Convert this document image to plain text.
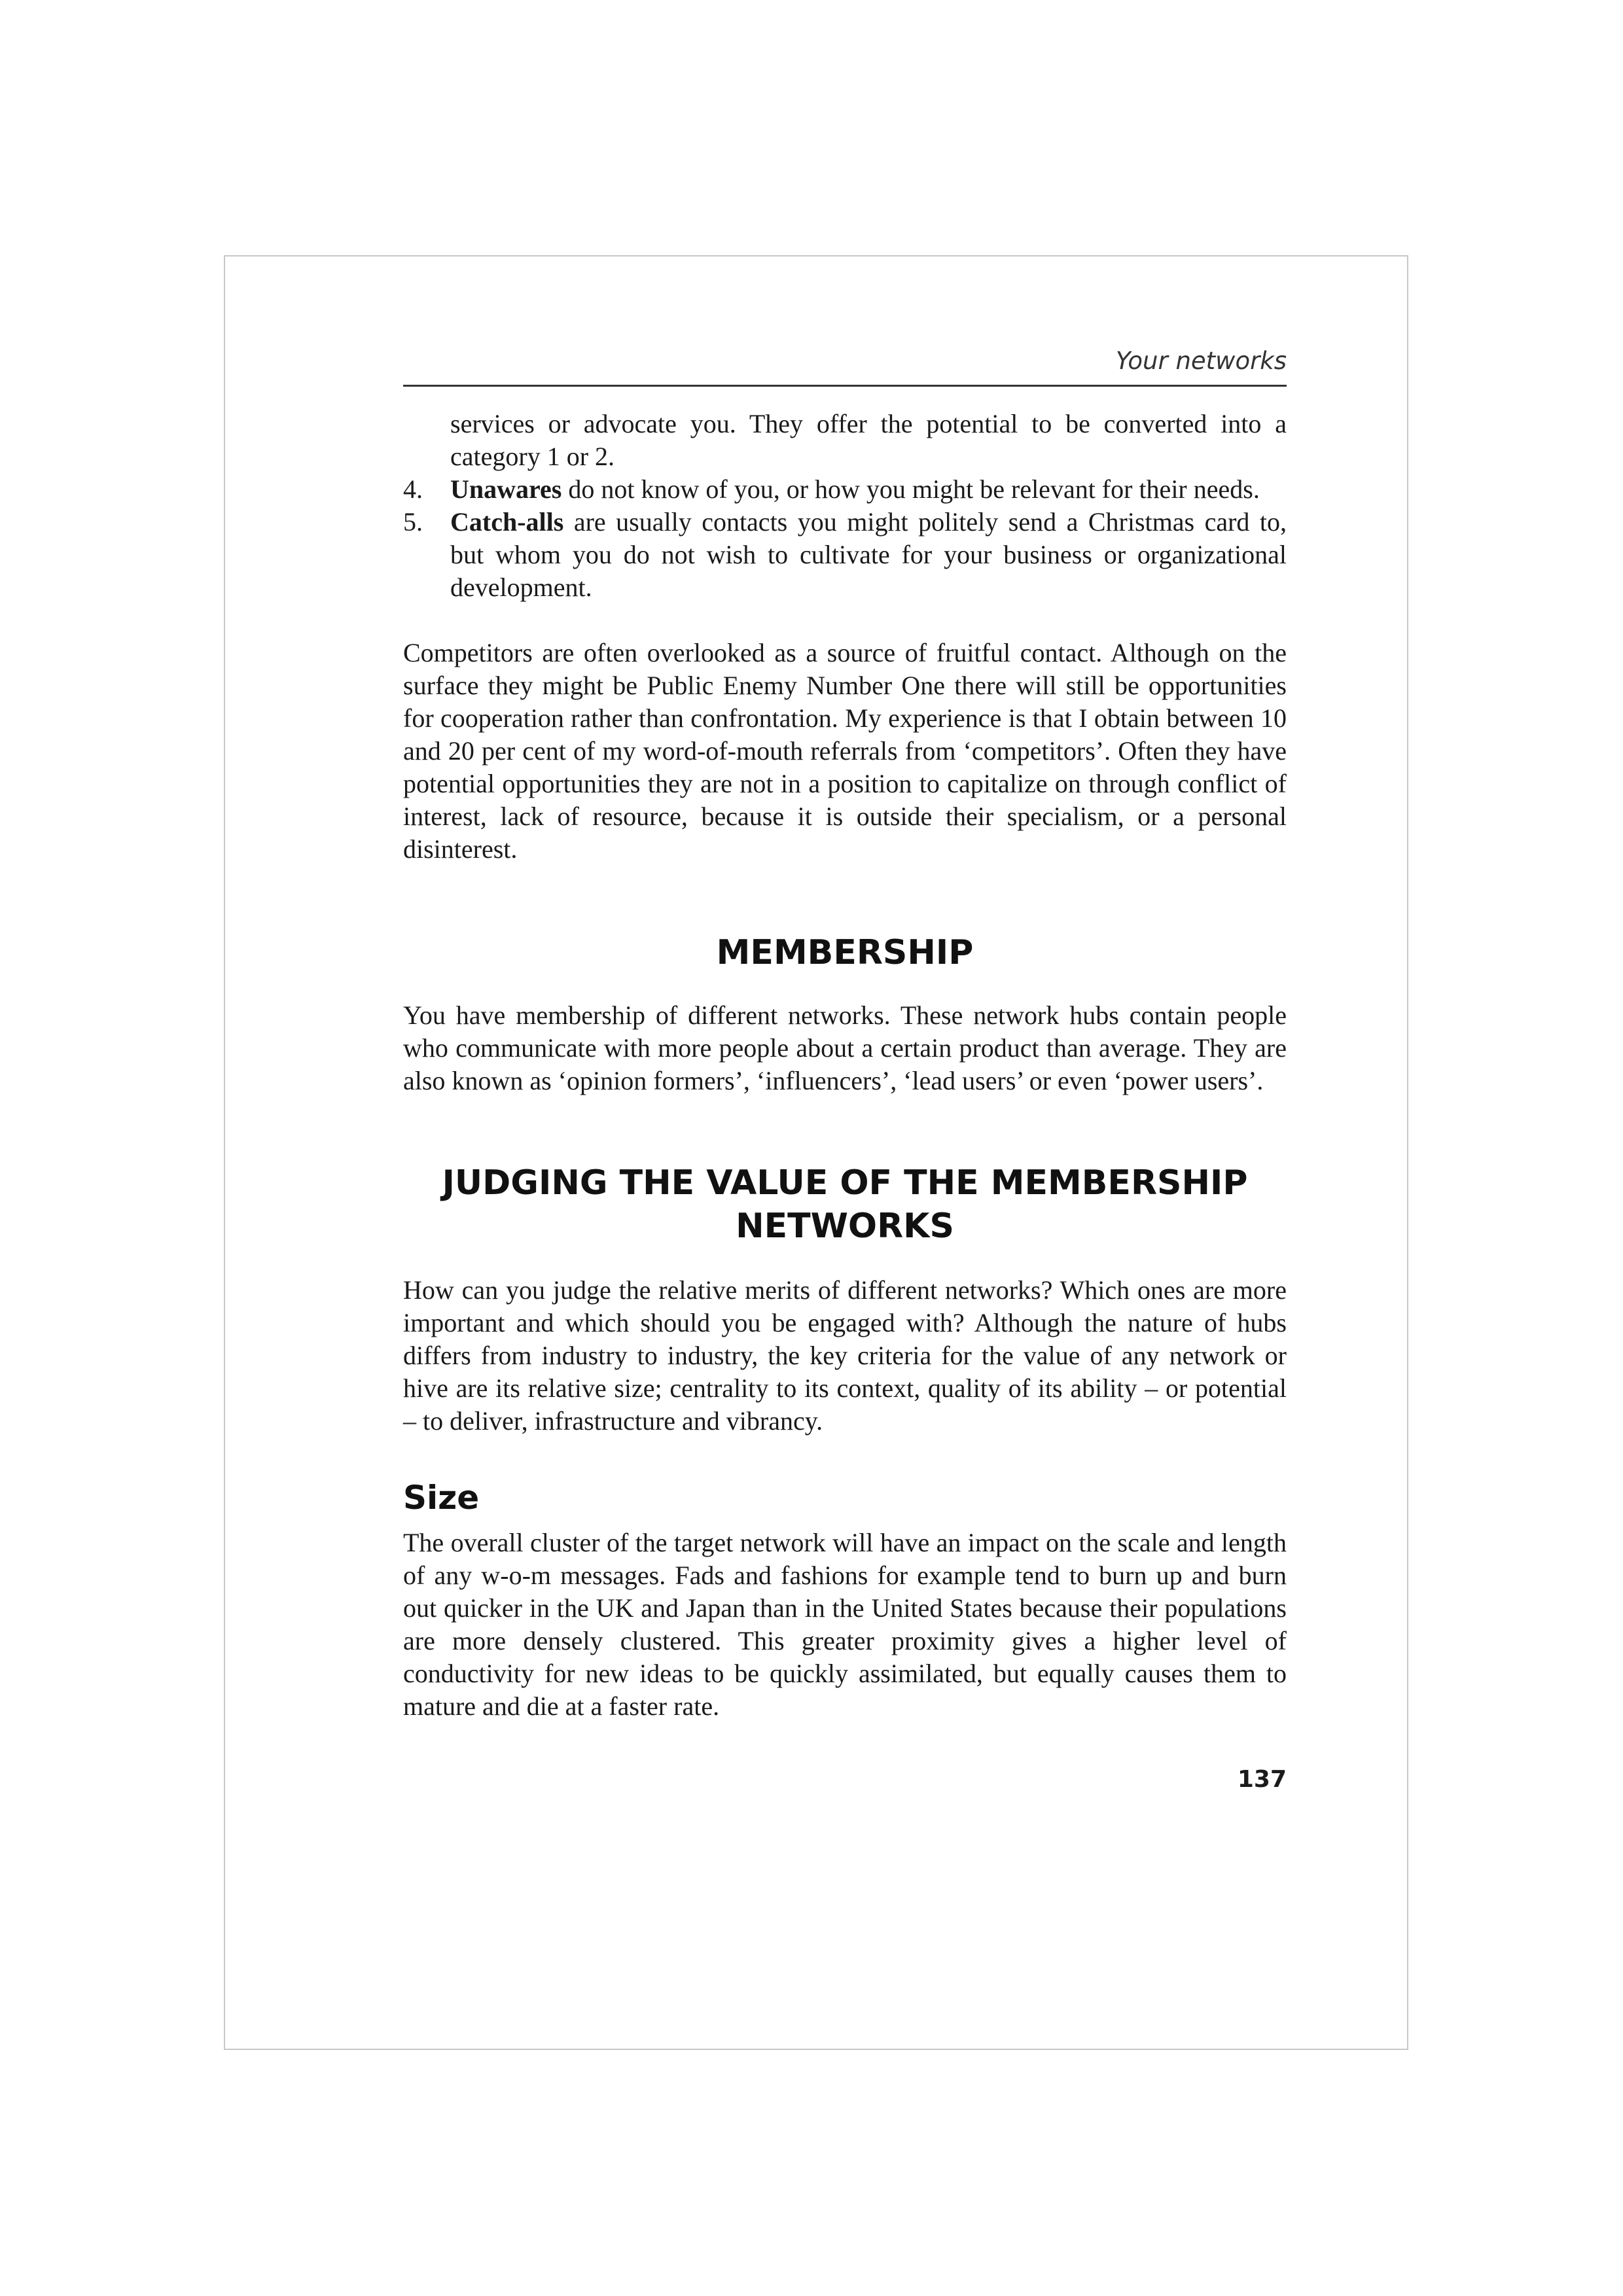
Your networks
services or advocate you. They offer the potential to be converted into a category 1 or 2.
4. Unawares do not know of you, or how you might be relevant for their needs.
5. Catch-alls are usually contacts you might politely send a Christmas card to, but whom you do not wish to cultivate for your business or organizational development.

Competitors are often overlooked as a source of fruitful contact. Although on the surface they might be Public Enemy Number One there will still be opportunities for cooperation rather than confrontation. My experience is that I obtain between 10 and 20 per cent of my word-of-mouth referrals from ‘competitors’. Often they have potential opportunities they are not in a position to capitalize on through conflict of interest, lack of resource, because it is outside their specialism, or a personal disinterest.

MEMBERSHIP

You have membership of different networks. These network hubs contain people who communicate with more people about a certain product than average. They are also known as ‘opinion formers’, ‘influencers’, ‘lead users’ or even ‘power users’.

JUDGING THE VALUE OF THE MEMBERSHIP
NETWORKS

How can you judge the relative merits of different networks? Which ones are more important and which should you be engaged with? Although the nature of hubs differs from industry to industry, the key criteria for the value of any network or hive are its relative size; centrality to its context, quality of its ability – or potential – to deliver, infrastructure and vibrancy.

Size

The overall cluster of the target network will have an impact on the scale and length of any w-o-m messages. Fads and fashions for example tend to burn up and burn out quicker in the UK and Japan than in the United States because their populations are more densely clustered. This greater proximity gives a higher level of conductivity for new ideas to be quickly assimilated, but equally causes them to mature and die at a faster rate.

137
